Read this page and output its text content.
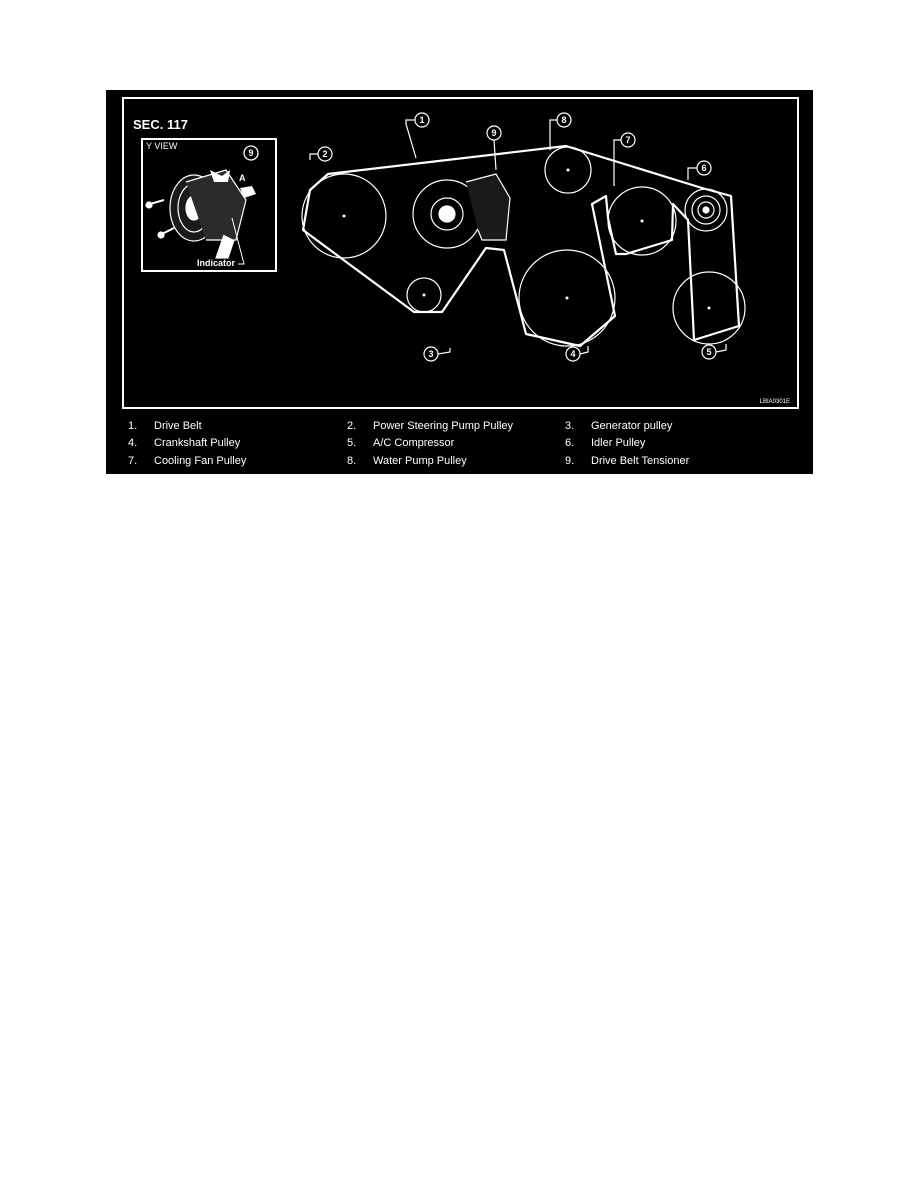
SEC. 117
Y VIEW
9
A
Indicator
1
2
3	4	5
6
7
8
9
LBIA0301E
1. Drive Belt	2. Power Steering Pump Pulley	3. Generator pulley
4. Crankshaft Pulley	5. A/C Compressor	6. Idler Pulley
7. Cooling Fan Pulley	8. Water Pump Pulley	9. Drive Belt Tensioner
